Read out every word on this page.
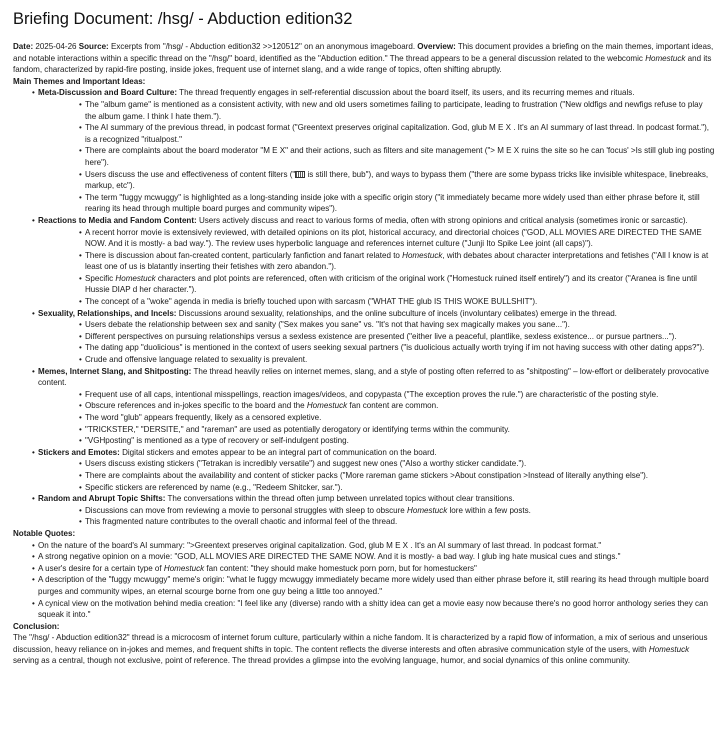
Briefing Document: /hsg/ - Abduction edition32

Date: 2025-04-26 Source: Excerpts from "/hsg/ - Abduction edition32 >>120512" on an anonymous imageboard. Overview: This document provides a briefing on the main themes, important ideas, and notable interactions within a specific thread on the "/hsg/" board, identified as the "Abduction edition." The thread appears to be a general discussion related to the webcomic Homestuck and its fandom, characterized by rapid-fire posting, inside jokes, frequent use of internet slang, and a wide range of topics, often shifting abruptly.

Main Themes and Important Ideas:

• Meta-Discussion and Board Culture: The thread frequently engages in self-referential discussion about the board itself, its users, and its recurring memes and rituals.
• The "album game" is mentioned as a consistent activity, with new and old users sometimes failing to participate, leading to frustration ("New oldfigs and newfigs refuse to play the album game. I think I hate them.").
• The AI summary of the previous thread, in podcast format ("Greentext preserves original capitalization. God, glub M E X . It's an AI summary of last thread. In podcast format."), is a recognized "ritualpost."
• There are complaints about the board moderator "M E X" and their actions, such as filters and site management ("> M E X ruins the site so he can 'focus' >Is still glub ing posting here").
• Users discuss the use and effectiveness of content filters (" is still there, bub"), and ways to bypass them ("there are some bypass tricks like invisible whitespace, linebreaks, markup, etc").
• The term "fuggy mcwuggy" is highlighted as a long-standing inside joke with a specific origin story ("it immediately became more widely used than either phrase before it, still rearing its head through multiple board purges and community wipes").
• Reactions to Media and Fandom Content: Users actively discuss and react to various forms of media, often with strong opinions and critical analysis (sometimes ironic or sarcastic).
• A recent horror movie is extensively reviewed, with detailed opinions on its plot, historical accuracy, and directorial choices ("GOD, ALL MOVIES ARE DIRECTED THE SAME NOW. And it is mostly- a bad way."). The review uses hyperbolic language and references internet culture ("Junji Ito Spike Lee joint (all caps)").
• There is discussion about fan-created content, particularly fanfiction and fanart related to Homestuck, with debates about character interpretations and fetishes ("All I know is at least one of us is blatantly inserting their fetishes with zero abandon.").
• Specific Homestuck characters and plot points are referenced, often with criticism of the original work ("Homestuck ruined itself entirely") and its creator ("Aranea is fine until Hussie DIAP d her character.").
• The concept of a "woke" agenda in media is briefly touched upon with sarcasm ("WHAT THE glub IS THIS WOKE BULLSHIT").
• Sexuality, Relationships, and Incels: Discussions around sexuality, relationships, and the online subculture of incels (involuntary celibates) emerge in the thread.
• Users debate the relationship between sex and sanity ("Sex makes you sane" vs. "It's not that having sex magically makes you sane...").
• Different perspectives on pursuing relationships versus a sexless existence are presented ("either live a peaceful, plantlike, sexless existence... or pursue partners...").
• The dating app "duolicious" is mentioned in the context of users seeking sexual partners ("is duolicious actually worth trying if im not having success with other dating apps?").
• Crude and offensive language related to sexuality is prevalent.
• Memes, Internet Slang, and Shitposting: The thread heavily relies on internet memes, slang, and a style of posting often referred to as "shitposting" – low-effort or deliberately provocative content.
• Frequent use of all caps, intentional misspellings, reaction images/videos, and copypasta ("The exception proves the rule.") are characteristic of the posting style.
• Obscure references and in-jokes specific to the board and the Homestuck fan content are common.
• The word "glub" appears frequently, likely as a censored expletive.
• "TRICKSTER," "DERSITE," and "rareman" are used as potentially derogatory or identifying terms within the community.
• "VGHposting" is mentioned as a type of recovery or self-indulgent posting.
• Stickers and Emotes: Digital stickers and emotes appear to be an integral part of communication on the board.
• Users discuss existing stickers ("Tetrakan is incredibly versatile") and suggest new ones ("Also a worthy sticker candidate.").
• There are complaints about the availability and content of sticker packs ("More rareman game stickers >About constipation >Instead of literally anything else").
• Specific stickers are referenced by name (e.g., "Redeem Shitcker, sar.").
• Random and Abrupt Topic Shifts: The conversations within the thread often jump between unrelated topics without clear transitions.
• Discussions can move from reviewing a movie to personal struggles with sleep to obscure Homestuck lore within a few posts.
• This fragmented nature contributes to the overall chaotic and informal feel of the thread.

Notable Quotes:

• On the nature of the board's AI summary: ">Greentext preserves original capitalization. God, glub M E X . It's an AI summary of last thread. In podcast format."
• A strong negative opinion on a movie: "GOD, ALL MOVIES ARE DIRECTED THE SAME NOW. And it is mostly- a bad way. I glub ing hate musical cues and stings."
• A user's desire for a certain type of Homestuck fan content: "they should make homestuck porn porn, but for homestuckers"
• A description of the "fuggy mcwuggy" meme's origin: "what le fuggy mcwuggy immediately became more widely used than either phrase before it, still rearing its head through multiple board purges and community wipes, an eternal scourge borne from one guy being a little too annoyed."
• A cynical view on the motivation behind media creation: "I feel like any (diverse) rando with a shitty idea can get a movie easy now because there's no good horror anthology series they can squeak it into."

Conclusion:

The "/hsg/ - Abduction edition32" thread is a microcosm of internet forum culture, particularly within a niche fandom. It is characterized by a rapid flow of information, a mix of serious and unserious discussion, heavy reliance on in-jokes and memes, and frequent shifts in topic. The content reflects the diverse interests and often abrasive communication style of the users, with Homestuck serving as a central, though not exclusive, point of reference. The thread provides a glimpse into the evolving language, humor, and social dynamics of this online community.
